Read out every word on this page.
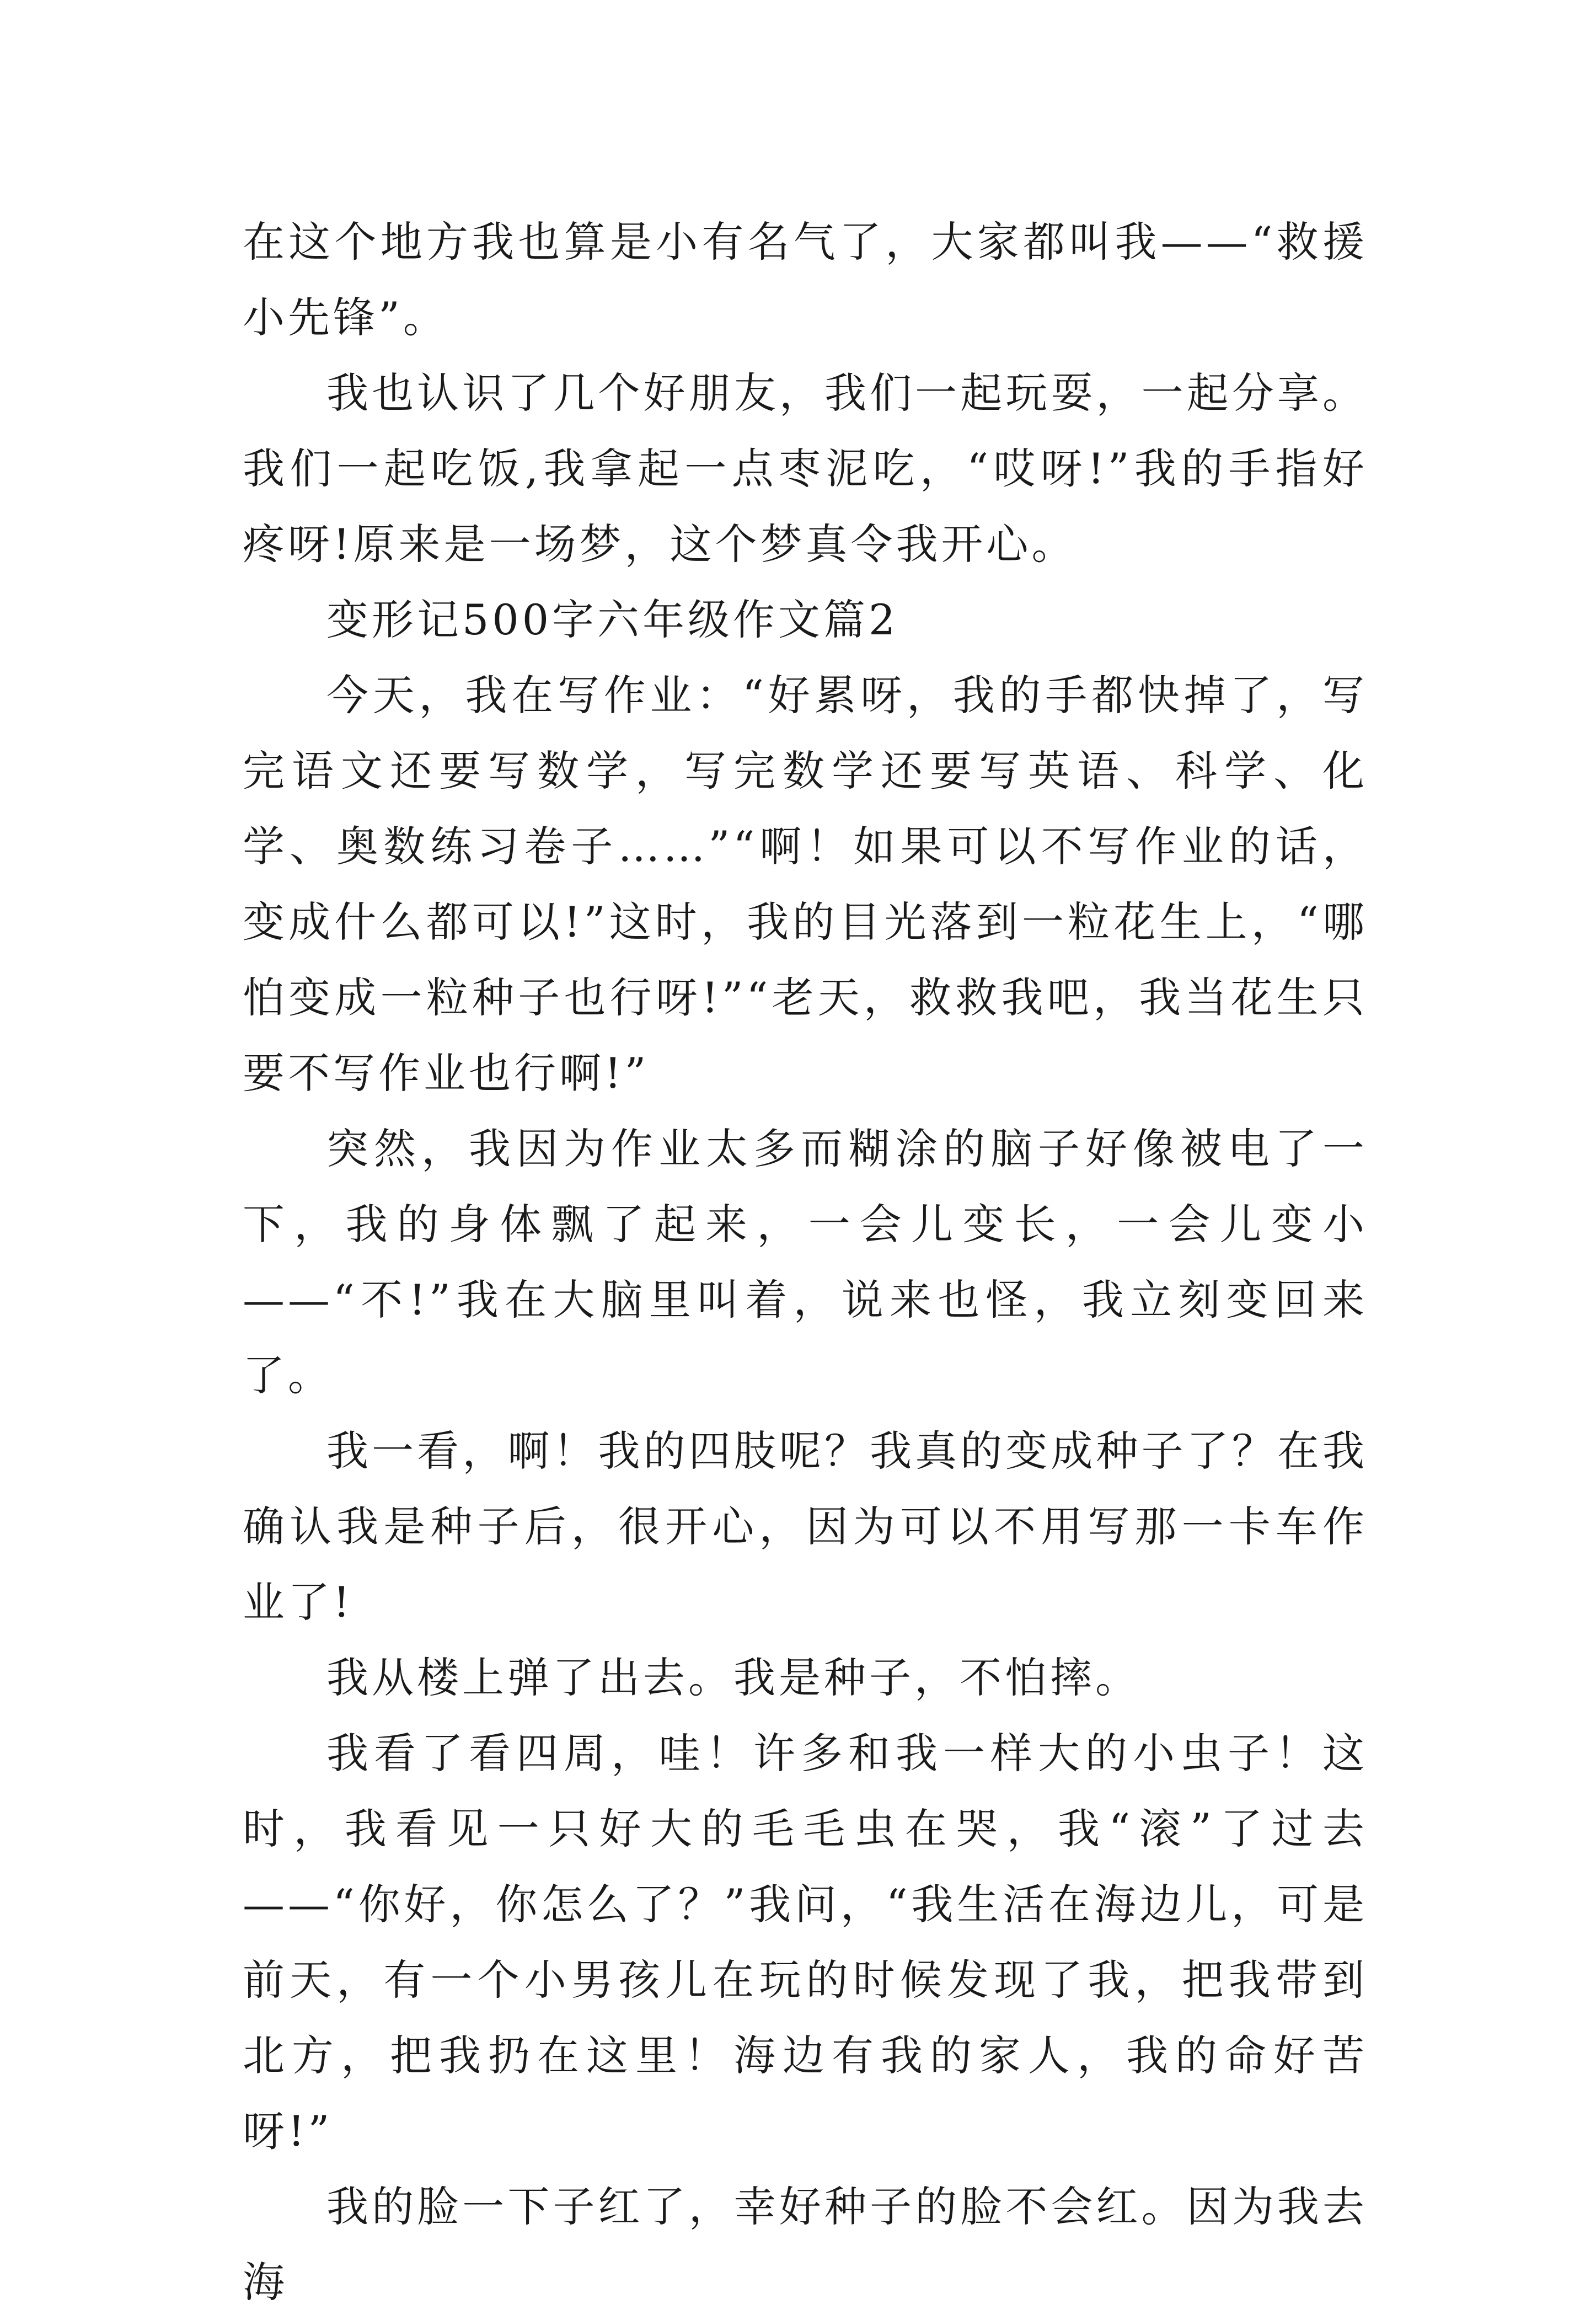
在这个地方我也算是小有名气了，大家都叫我——“救援小先锋”。

我也认识了几个好朋友，我们一起玩耍，一起分享。我们一起吃饭,我拿起一点枣泥吃，“哎呀!”我的手指好疼呀!原来是一场梦，这个梦真令我开心。

变形记500字六年级作文篇2

今天，我在写作业：“好累呀，我的手都快掉了，写完语文还要写数学，写完数学还要写英语、科学、化学、奥数练习卷子……”“啊！如果可以不写作业的话，变成什么都可以!”这时，我的目光落到一粒花生上，“哪怕变成一粒种子也行呀!”“老天，救救我吧，我当花生只要不写作业也行啊!”

突然，我因为作业太多而糊涂的脑子好像被电了一下，我的身体飘了起来，一会儿变长，一会儿变小——“不!”我在大脑里叫着，说来也怪，我立刻变回来了。

我一看，啊！我的四肢呢？我真的变成种子了？在我确认我是种子后，很开心，因为可以不用写那一卡车作业了!

我从楼上弹了出去。我是种子，不怕摔。

我看了看四周，哇！许多和我一样大的小虫子！这时，我看见一只好大的毛毛虫在哭，我“滚”了过去——“你好，你怎么了？”我问，“我生活在海边儿，可是前天，有一个小男孩儿在玩的时候发现了我，把我带到北方，把我扔在这里！海边有我的家人，我的命好苦呀!”

我的脸一下子红了，幸好种子的脸不会红。因为我去海
